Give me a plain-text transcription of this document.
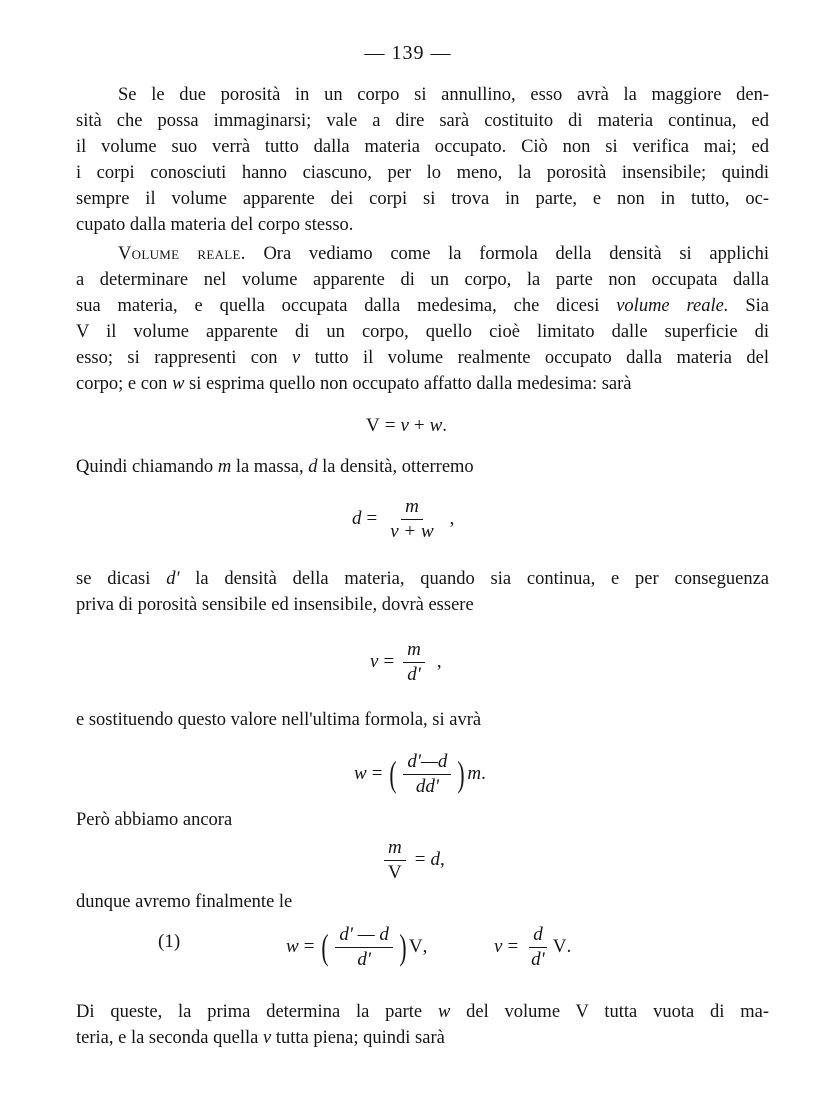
— 139 —
Se le due porosità in un corpo si annullino, esso avrà la maggiore den-
sità che possa immaginarsi; vale a dire sarà costituito di materia continua, ed
il volume suo verrà tutto dalla materia occupato. Ciò non si verifica mai; ed
i corpi conosciuti hanno ciascuno, per lo meno, la porosità insensibile; quindi
sempre il volume apparente dei corpi si trova in parte, e non in tutto, oc-
cupato dalla materia del corpo stesso.
Volume reale. Ora vediamo come la formola della densità si applichi
a determinare nel volume apparente di un corpo, la parte non occupata dalla
sua materia, e quella occupata dalla medesima, che dicesi volume reale. Sia
V il volume apparente di un corpo, quello cioè limitato dalle superficie di
esso; si rappresenti con v tutto il volume realmente occupato dalla materia del
corpo; e con w si esprima quello non occupato affatto dalla medesima: sarà
V = v + w .
Quindi chiamando m la massa, d la densità, otterremo
$d = \frac{m}{v + w}$ ,
se dicasi d' la densità della materia, quando sia continua, e per conseguenza
priva di porosità sensibile ed insensibile, dovrà essere
$v = \frac{m}{d'}$ ,
e sostituendo questo valore nell'ultima formola, si avrà
w = ( $\frac{d'—d}{dd'}$ ) m .
Però abbiamo ancora
$\frac{m}{V} = d$ ,
dunque avremo finalmente le
(1)	w = ( $\frac{d' — d}{d'}$ ) V ,	$v = \frac{d}{d'}$ V .
Di queste, la prima determina la parte w del volume V tutta vuota di ma-
teria, e la seconda quella v tutta piena; quindi sarà
